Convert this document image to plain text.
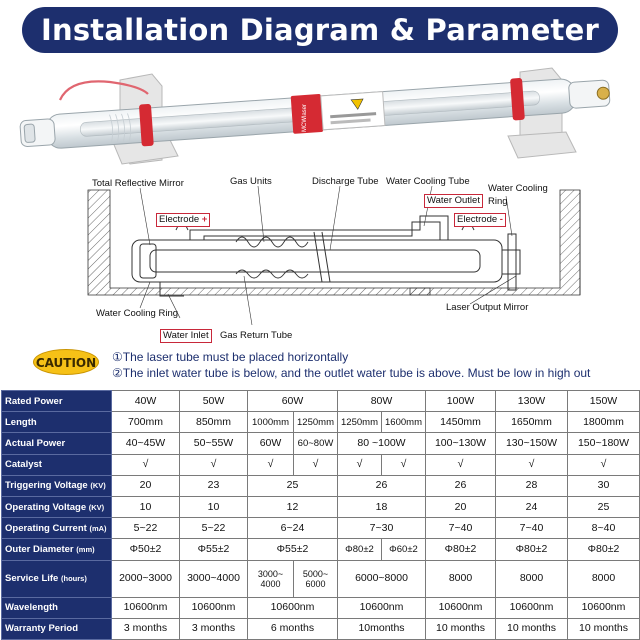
Installation Diagram & Parameter
MCWlaser
Total Reflective Mirror	Gas Units	Discharge Tube Water Cooling Tube
Water Cooling Ring
Water Cooling Ring
Gas Return Tube
Laser Output Mirror
Electrode +
Water Outlet
Electrode -
Water Inlet
CAUTION ①The laser tube must be placed horizontally
②The inlet water tube is below, and the outlet water tube is above. Must be low in high out
Rated Power	40W	50W	60W		80W		100W	130W	150W
Length	700mm	850mm	1000mm	1250mm	1250mm	1600mm	1450mm	1650mm	1800mm
Actual Power	40~45W	50~55W	60W	60~80W	80 ~100W		100~130W	130~150W	150~180W
Catalyst	√	√	√	√	√	√	√	√	√
Triggering Voltage (KV)	20	23	25		26		26	28	30
Operating Voltage (KV)	10	10	12		18		20	24	25
Operating Current (mA)	5~22	5~22	6~24		7~30		7~40	7~40	8~40
Outer Diameter (mm)	Φ50±2	Φ55±2	Φ55±2		Φ80±2	Φ60±2	Φ80±2	Φ80±2	Φ80±2
Service Life (hours)	2000~3000	3000~4000	3000~ 4000	5000~ 6000	6000~8000		8000	8000	8000
Wavelength	10600nm	10600nm	10600nm		10600nm		10600nm	10600nm	10600nm
Warranty Period	3 months	3 months	6 months		10months		10 months	10 months	10 months
